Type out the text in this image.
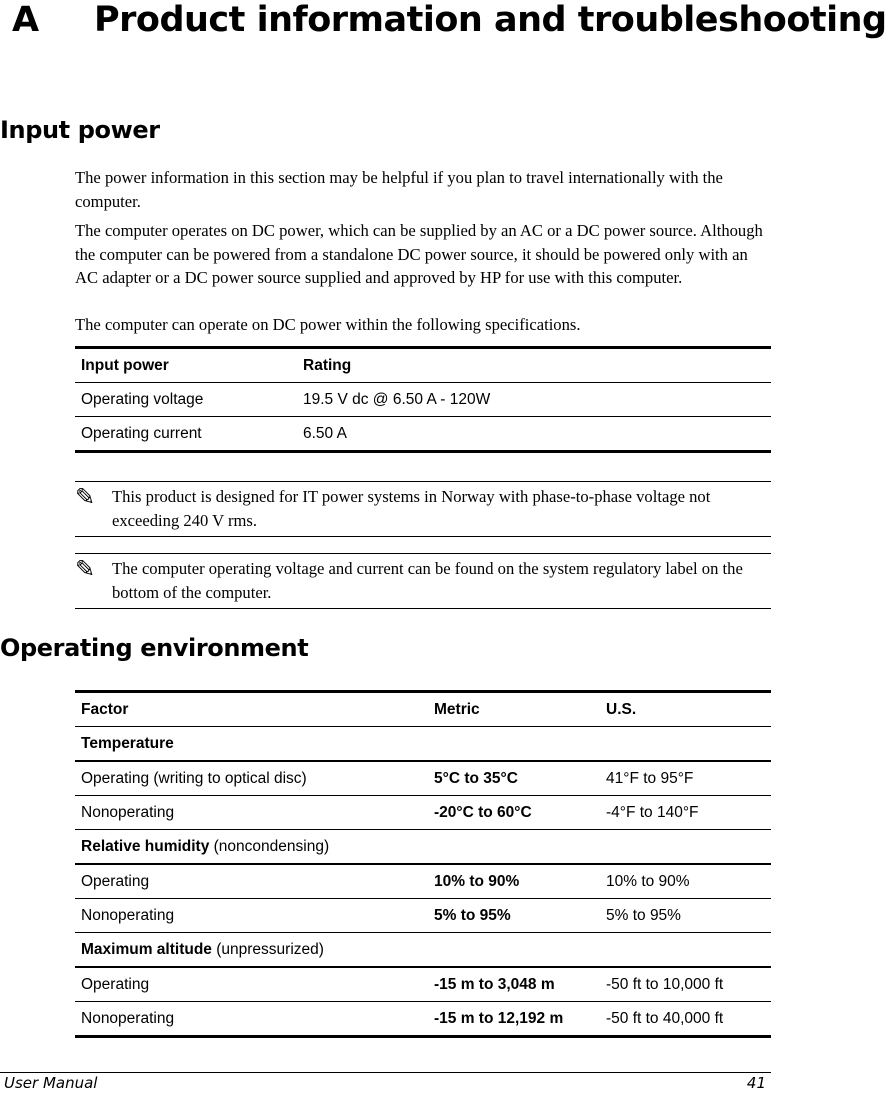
A Product information and troubleshooting
Input power

The power information in this section may be helpful if you plan to travel internationally with the computer.

The computer operates on DC power, which can be supplied by an AC or a DC power source. Although the computer can be powered from a standalone DC power source, it should be powered only with an AC adapter or a DC power source supplied and approved by HP for use with this computer.

The computer can operate on DC power within the following specifications.

Input power	Rating
Operating voltage	19.5 V dc @ 6.50 A - 120W
Operating current	6.50 A
✎ This product is designed for IT power systems in Norway with phase-to-phase voltage not exceeding 240 V rms.
✎ The computer operating voltage and current can be found on the system regulatory label on the bottom of the computer.
Operating environment
Factor	Metric	U.S.
Temperature		
Operating (writing to optical disc)	5°C to 35°C	41°F to 95°F
Nonoperating	-20°C to 60°C	-4°F to 140°F
Relative humidity (noncondensing)		
Operating	10% to 90%	10% to 90%
Nonoperating	5% to 95%	5% to 95%
Maximum altitude (unpressurized)		
Operating	-15 m to 3,048 m	-50 ft to 10,000 ft
Nonoperating	-15 m to 12,192 m	-50 ft to 40,000 ft
User Manual	41
